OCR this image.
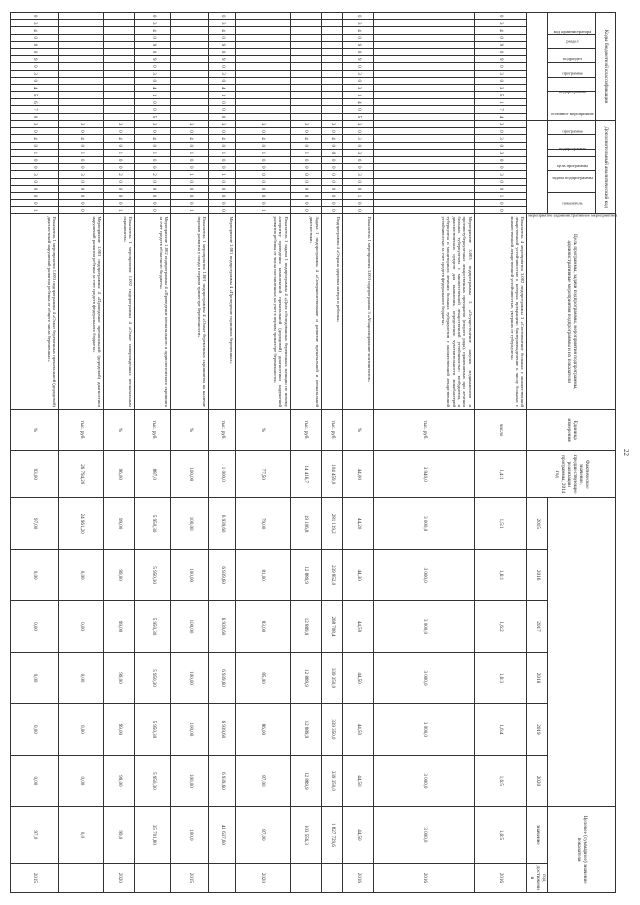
22
Коды бюджетной классификации															Дополнительный аналитический код													Цель программы, задачи подпрограммы, мероприятия подпрограммы, административные мероприятия подпрограммы и их показатели	Единица измерения	Фактическое значение, предшествующее реализации программы, 2014 год							Целевое (суммарное) значение показателя	
код администратора			раздел		подраздел		программа		подпрограмма		основное мероприятие				программа		подпрограмма		цель программы	задача подпрограммы		мероприятие (административное мероприятие)			показатель													
																															2015	2016	2017	2018	2019	2020	значение	год достижения
0	3	4	0	9	0	9	0	3	0	3	5	1	7	4	3	0	3	0	3	0	0	3	0	0	1	0	0	Показатель 4 мероприятия 3.002 подпрограммы 3 «Соотношение больных с множественной лекарственной устойчивостью к которых прекращено бактериовыделение к числу больных с множественной лекарственной устойчивостью, умерших от туберкулеза»	число	1,4:1	1,5:1	1,6:1	1,6:2	1,6:3	1,6:4	1,6:5	1,6:5	2016
																												Мероприятие 3.003 подпрограммы 3 «Осуществление закупок медикаментов и противотуберкулезных лекарственных препаратов (второго ряда), применяемых при лечении больных туберкулезом с множественной лекарственной устойчивостью возбудителя, и диагностических средств для выявления, определения чувствительности микобактерий туберкулеза и мониторинга лечения больных туберкулезом с множественной лекарственной устойчивостью за счет средств федерального бюджета»	тыс. руб.	3 940,0	3 000,0	3 000,0	3 000,0	3 000,0	3 000,0	3 000,0	3 000,0	2016
0	3	4	0	9	0	9	0	3	0	3	1	4	0	5	3	0	3	0	3	0	0	3	0	0	1	0	0	Показатель 1 мероприятия 3.003 подпрограммы 3 «Абациллирование контингентов»	%	44,00	44,20	44,30	44,50	44,50	44,50	44,50	44,50	2016
															3	0	4	0	0	0	0	0	0	0	0	0	0	Подпрограмма 4 «Охрана здоровья матери и ребенка»	тыс. руб.	104 459,0	281 119,2	239 852,0	268 708,4	339 350,0	339 350,0	339 350,0	1 827 729,6	
															3	0	4	0	1	0	0	0	0	0	0	0	0	Задача 1 подпрограммы 4 «Совершенствование и развитие пренатальной и неонатальной диагностики»	тыс. руб.	14 416,7	19 106,8	12 889,9	12 889,9	12 889,9	12 889,9	12 889,9	103 556,3	
															3	0	4	0	1	0	0	0	0	0	0	0	1	Показатель 1 задачи 1 подпрограммы 4 «Доля обследованных беременных женщин по новому алгоритму проведения комплексной пренатальной (дородовой) диагностики нарушений развития ребенка от числа поставленных на учет в первом триместре беременности»	%	77,50	79,00	81,00	83,00	85,00	86,00	87,00	87,00	2020
0	3	4	0	9	0	9	0	3	0	4	1	0	0	0	3	0	4	0	1	0	0	1	0	0	0	0	0	Мероприятие 1.001 подпрограммы 4 «Проведение скрининга беременных»	тыс. руб.	1 000,0	6 939,60	6 939,60	6 939,60	6 939,60	6 939,60	6 939,60	41 637,60	
															3	0	4	0	1	0	0	1	0	0	0	0	1	Показатель 1 мероприятия 1.001 подпрограммы 4 «Охват беременных скринингом на наличие пороков развития у плода в первом триместре беременности»	%	100,00	100,00	100,00	100,00	100,00	100,00	100,00	100,0	2015
0	3	4	0	9	0	9	0	3	0	4	1	0	0	5	3	0	4	0	1	0	0	2	0	0	0	0	0	Мероприятие 1.002 подпрограммы 4 «Проведение неонатального и аудиологического скрининга за счет средств областного бюджета»	тыс. руб.	887,0	5 950,30	5 950,30	5 950,30	5 950,30	5 950,30	5 950,30	35 701,80	
															3	0	4	0	1	0	0	2	0	0	0	0	1	Показатель 1 мероприятия 1.002 подпрограммы 4 «Охват новорожденных неонатальным скринингом»	%	96,00	99,00	99,00	99,00	99,00	99,00	99,00	99,0	2020
															3	0	4	0	1	0	0	3	0	0	0	0	0	Мероприятие 1.003 подпрограммы 4 «Проведение пренатальной (дородовой) диагностики нарушений развития ребенка за счет средств федерального бюджета»	тыс. руб.	26 794,20	24 961,20	0,00	0,00	0,00	0,00	0,00	0,0	
0	3	4	0	9	0	9	0	3	0	4	5	6	7	0	3	0	4	0	1	0	0	3	0	0	0	0	1	Показатель 1 мероприятия 1.003 подпрограммы 4 «Охват беременных пренатальной (дородовой) диагностикой нарушений развития ребенка от общего числа беременных»	%	93,00	97,00	0,00	0,00	0,00	0,00	0,00	97,0	2015
